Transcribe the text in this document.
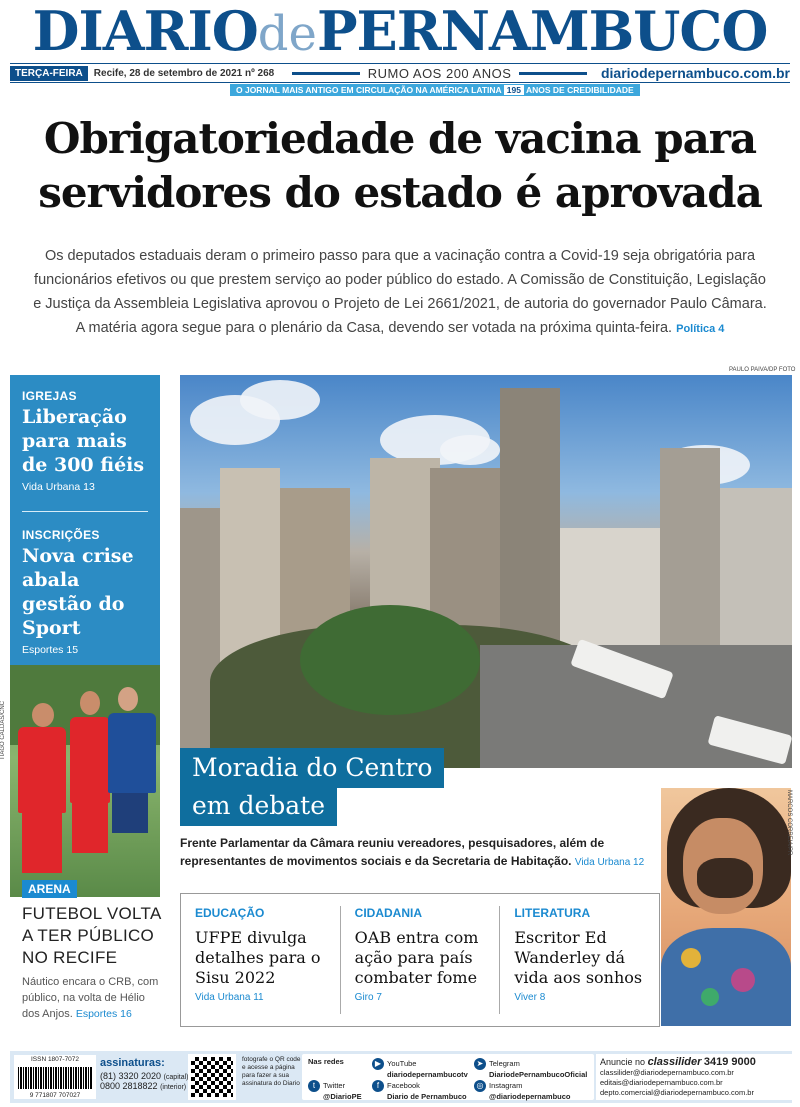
DIARIOdePERNAMBUCO
TERÇA-FEIRA	Recife, 28 de setembro de 2021 nº 268	RUMO AOS 200 ANOS	diariodepernambuco.com.br
O JORNAL MAIS ANTIGO EM CIRCULAÇÃO NA AMÉRICA LATINA 195 ANOS DE CREDIBILIDADE
Obrigatoriedade de vacina para
servidores do estado é aprovada
Os deputados estaduais deram o primeiro passo para que a vacinação contra a Covid-19 seja obrigatória para funcionários efetivos ou que prestem serviço ao poder público do estado. A Comissão de Constituição, Legislação e Justiça da Assembleia Legislativa aprovou o Projeto de Lei 2661/2021, de autoria do governador Paulo Câmara. A matéria agora segue para o plenário da Casa, devendo ser votada na próxima quinta-feira. Política 4
IGREJAS
Liberação para mais de 300 fiéis
Vida Urbana 13
INSCRIÇÕES
Nova crise abala gestão do Sport
Esportes 15
TIAGO CALDAS/CNC
ARENA
FUTEBOL VOLTA A TER PÚBLICO NO RECIFE
Náutico encara o CRB, com público, na volta de Hélio dos Anjos. Esportes 16
PAULO PAIVA/DP FOTO
Moradia do Centro
em debate
Frente Parlamentar da Câmara reuniu vereadores, pesquisadores, além de representantes de movimentos sociais e da Secretaria de Habitação. Vida Urbana 12
MARCOS CORREIA/PR
EDUCAÇÃO
UFPE divulga detalhes para o Sisu 2022
Vida Urbana 11
CIDADANIA
OAB entra com ação para país combater fome
Giro 7
LITERATURA
Escritor Ed Wanderley dá vida aos sonhos
Viver 8
ISSN 1807-7072
9 771807 707027
assinaturas:
(81) 3320 2020 (capital)
0800 2818822 (interior)
fotografe o QR code e acesse a página para fazer a sua assinatura do Diario
Nas redes
t Twitter
@DiarioPE
▶ YouTube
diariodepernambucotv
f Facebook
Diario de Pernambuco
➤ Telegram
DiariodePernambucoOficial
◎ Instagram
@diariodepernambuco
Anuncie no classilider 3419 9000
classilider@diariodepernambuco.com.br
editais@diariodepernambuco.com.br
depto.comercial@diariodepernambuco.com.br
